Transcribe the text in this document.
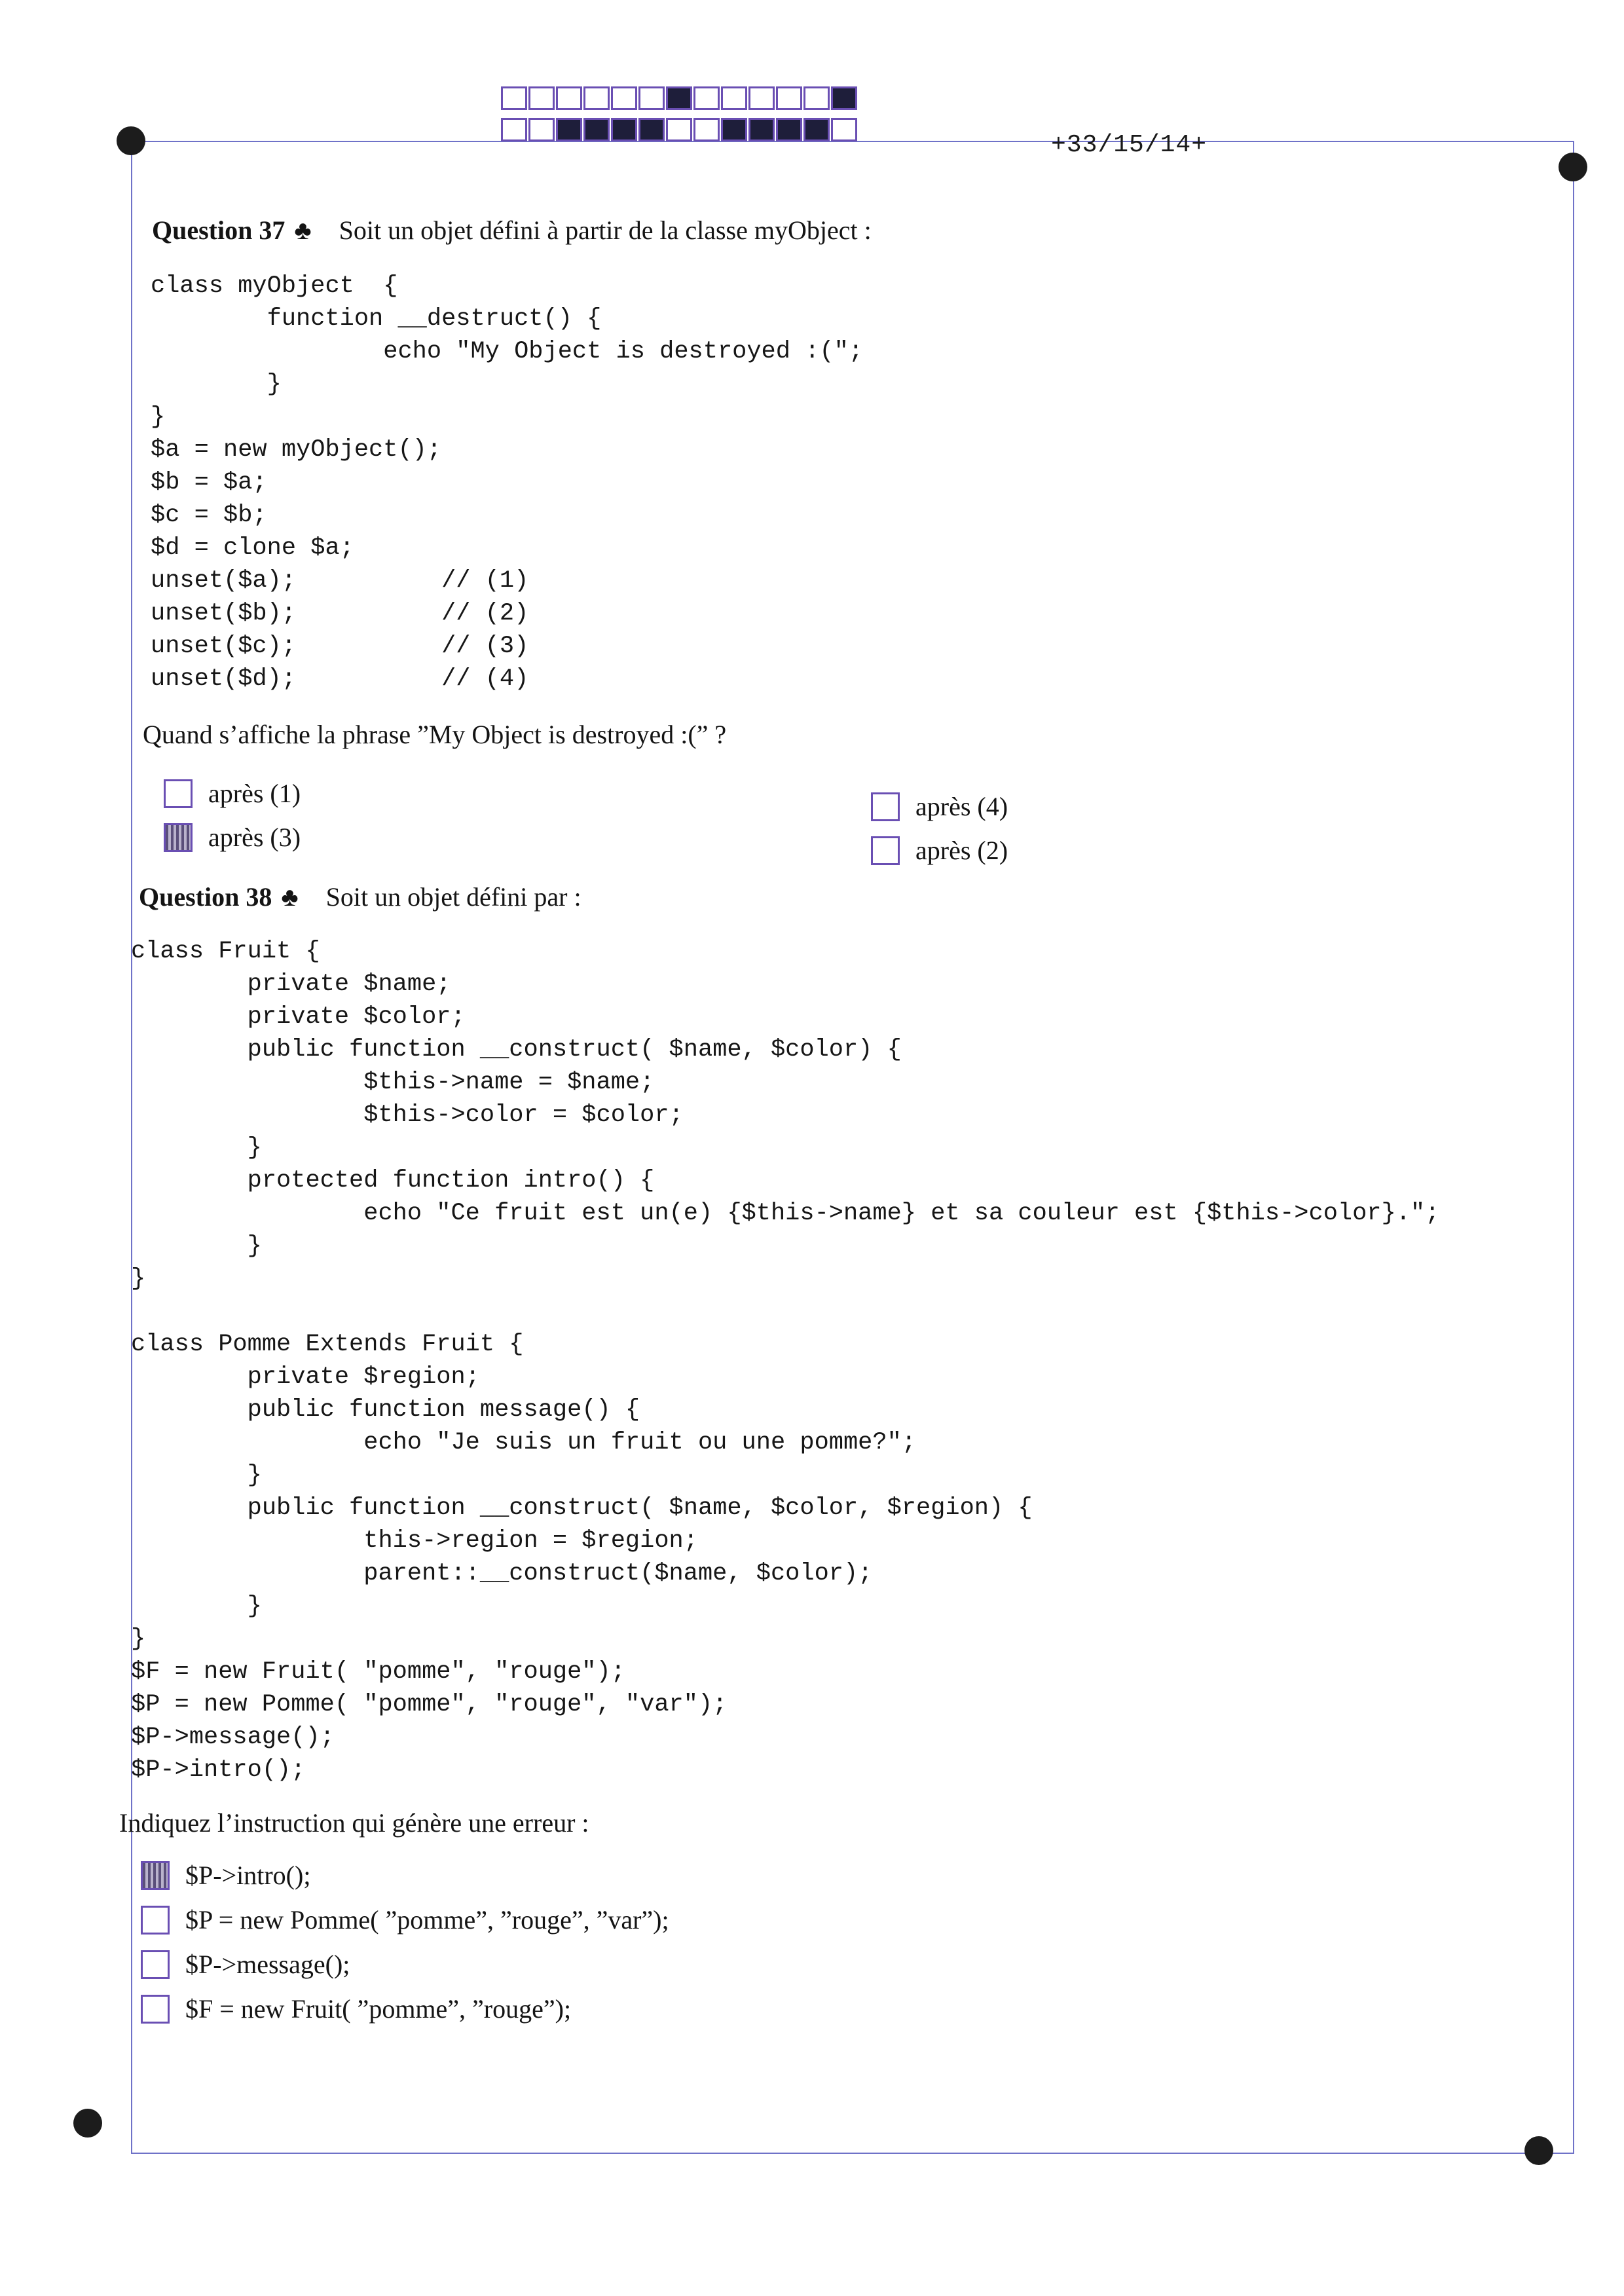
+33/15/14+
Question 37 ♣ Soit un objet défini à partir de la classe myObject :
class myObject  {
function __destruct() {
echo "My Object is destroyed :(";
}
}
$a = new myObject();
$b = $a;
$c = $b;
$d = clone $a;
unset($a);          // (1)
unset($b);          // (2)
unset($c);          // (3)
unset($d);          // (4)
Quand s’affiche la phrase ”My Object is destroyed :(” ?
après (1)
après (3)
après (4)
après (2)
Question 38 ♣ Soit un objet défini par :
class Fruit {
private $name;
private $color;
public function __construct( $name, $color) {
$this->name = $name;
$this->color = $color;
}
protected function intro() {
echo "Ce fruit est un(e) {$this->name} et sa couleur est {$this->color}.";
}
}

class Pomme Extends Fruit {
private $region;
public function message() {
echo "Je suis un fruit ou une pomme?";
}
public function __construct( $name, $color, $region) {
this->region = $region;
parent::__construct($name, $color);
}
}
$F = new Fruit( "pomme", "rouge");
$P = new Pomme( "pomme", "rouge", "var");
$P->message();
$P->intro();
Indiquez l’instruction qui génère une erreur :
$P->intro();
$P = new Pomme( ”pomme”, ”rouge”, ”var”);
$P->message();
$F = new Fruit( ”pomme”, ”rouge”);
